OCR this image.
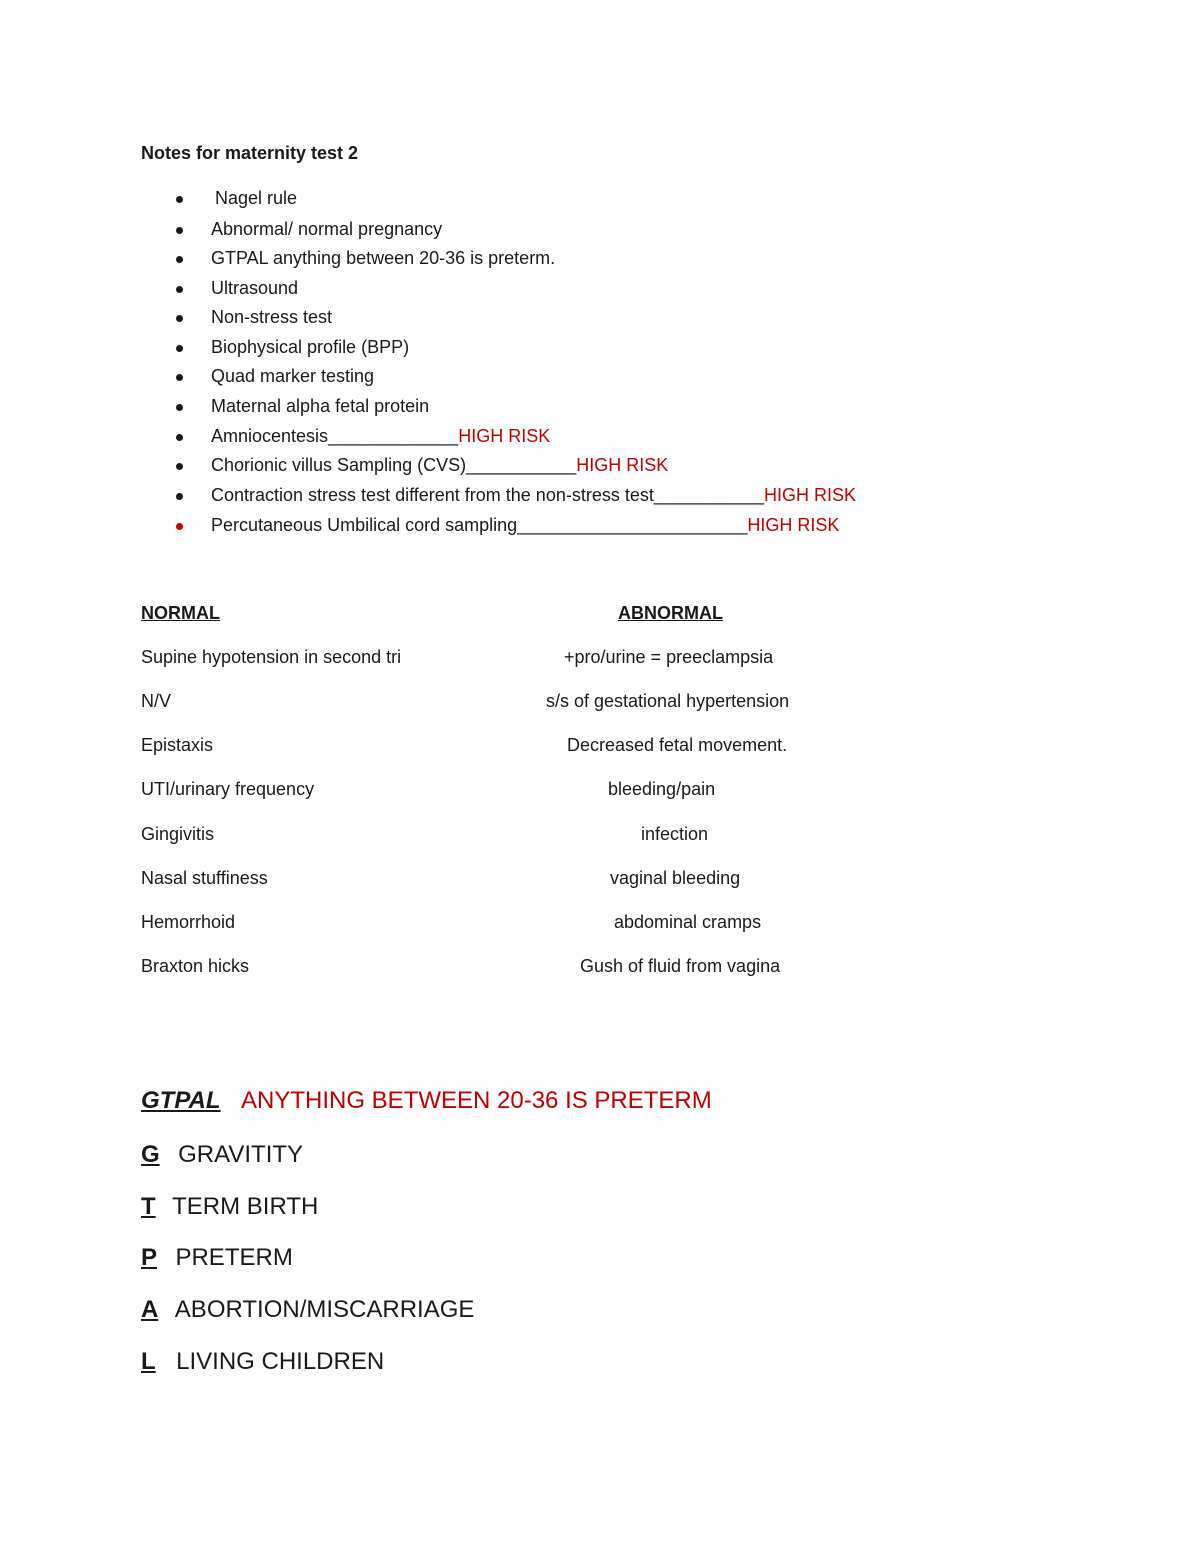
Notes for maternity test 2
Nagel rule
Abnormal/ normal pregnancy
GTPAL anything between 20-36 is preterm.
Ultrasound
Non-stress test
Biophysical profile (BPP)
Quad marker testing
Maternal alpha fetal protein
Amniocentesis_____________HIGH RISK
Chorionic villus Sampling (CVS)___________HIGH RISK
Contraction stress test different from the non-stress test___________HIGH RISK
Percutaneous Umbilical cord sampling_______________________HIGH RISK
NORMAL	ABNORMAL
Supine hypotension in second tri
N/V
Epistaxis
UTI/urinary frequency
Gingivitis
Nasal stuffiness
Hemorrhoid
Braxton hicks
+pro/urine = preeclampsia
s/s of gestational hypertension
Decreased fetal movement.
bleeding/pain
infection
vaginal bleeding
abdominal cramps
Gush of fluid from vagina
GTPAL ANYTHING BETWEEN 20-36 IS PRETERM
G GRAVITITY
T TERM BIRTH
P PRETERM
A ABORTION/MISCARRIAGE
L LIVING CHILDREN
